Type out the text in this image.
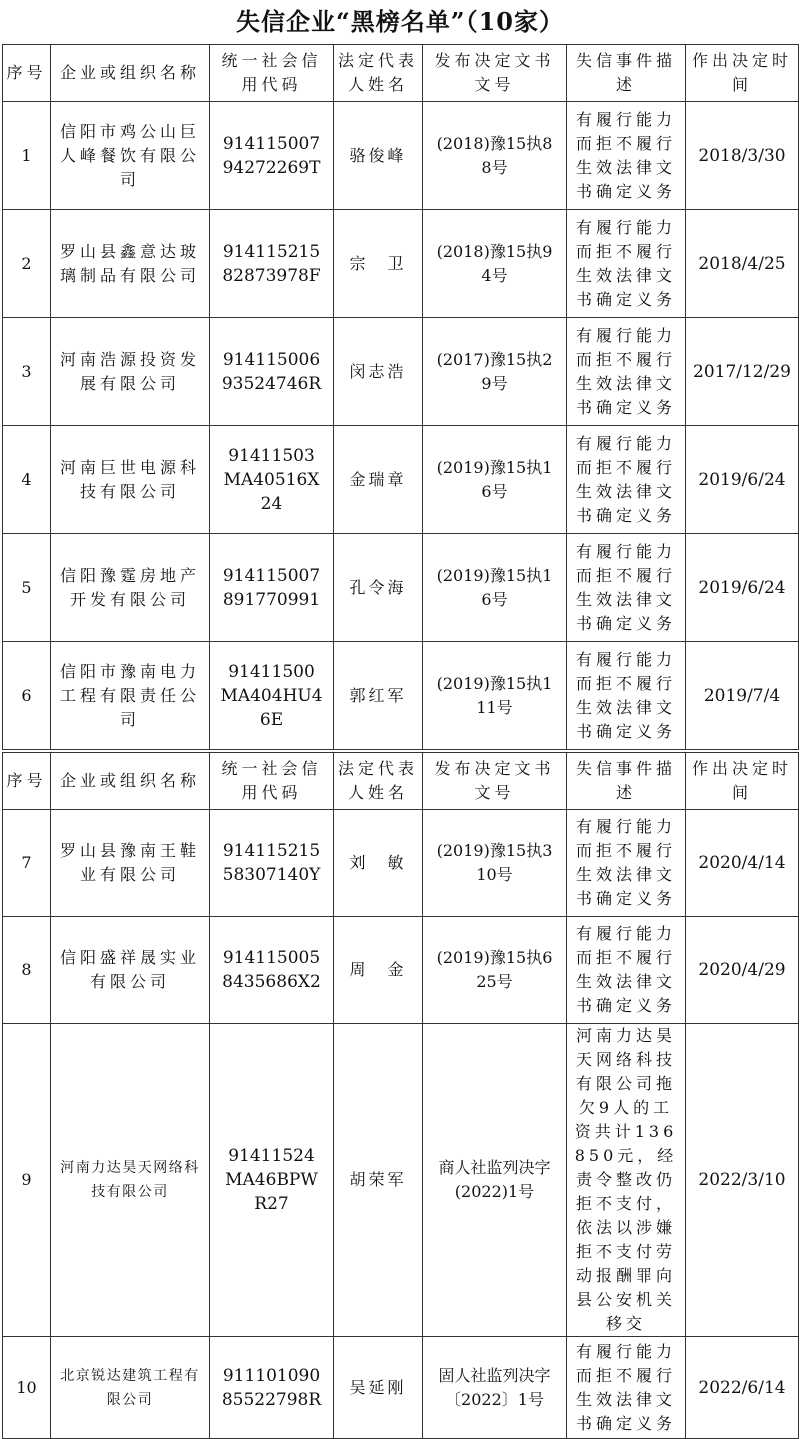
失信企业“黑榜名单”（10家）
序号	企业或组织名称	统一社会信用代码	法定代表人姓名	发布决定文书文号	失信事件描述	作出决定时间
1	信阳市鸡公山巨人峰餐饮有限公司	91411500794272269T	骆俊峰	(2018)豫15执88号	有履行能力而拒不履行生效法律文书确定义务	2018/3/30
2	罗山县鑫意达玻璃制品有限公司	91411521582873978F	宗　卫	(2018)豫15执94号	有履行能力而拒不履行生效法律文书确定义务	2018/4/25
3	河南浩源投资发展有限公司	91411500693524746R	闵志浩	(2017)豫15执29号	有履行能力而拒不履行生效法律文书确定义务	2017/12/29
4	河南巨世电源科技有限公司	91411503MA40516X24	金瑞章	(2019)豫15执16号	有履行能力而拒不履行生效法律文书确定义务	2019/6/24
5	信阳豫霆房地产开发有限公司	914115007891770991	孔令海	(2019)豫15执16号	有履行能力而拒不履行生效法律文书确定义务	2019/6/24
6	信阳市豫南电力工程有限责任公司	91411500MA404HU46E	郭红军	(2019)豫15执111号	有履行能力而拒不履行生效法律文书确定义务	2019/7/4
序号	企业或组织名称	统一社会信用代码	法定代表人姓名	发布决定文书文号	失信事件描述	作出决定时间
7	罗山县豫南王鞋业有限公司	91411521558307140Y	刘　敏	(2019)豫15执310号	有履行能力而拒不履行生效法律文书确定义务	2020/4/14
8	信阳盛祥晟实业有限公司	9141150058435686X2	周　金	(2019)豫15执625号	有履行能力而拒不履行生效法律文书确定义务	2020/4/29
9	河南力达昊天网络科技有限公司	91411524MA46BPWR27	胡荣军	商人社监列决字(2022)1号	河南力达昊天网络科技有限公司拖欠9人的工资共计136850元，经责令整改仍拒不支付，依法以涉嫌拒不支付劳动报酬罪向县公安机关移交	2022/3/10
10	北京锐达建筑工程有限公司	91110109085522798R	吴延刚	固人社监列决字〔2022〕1号	有履行能力而拒不履行生效法律文书确定义务	2022/6/14
